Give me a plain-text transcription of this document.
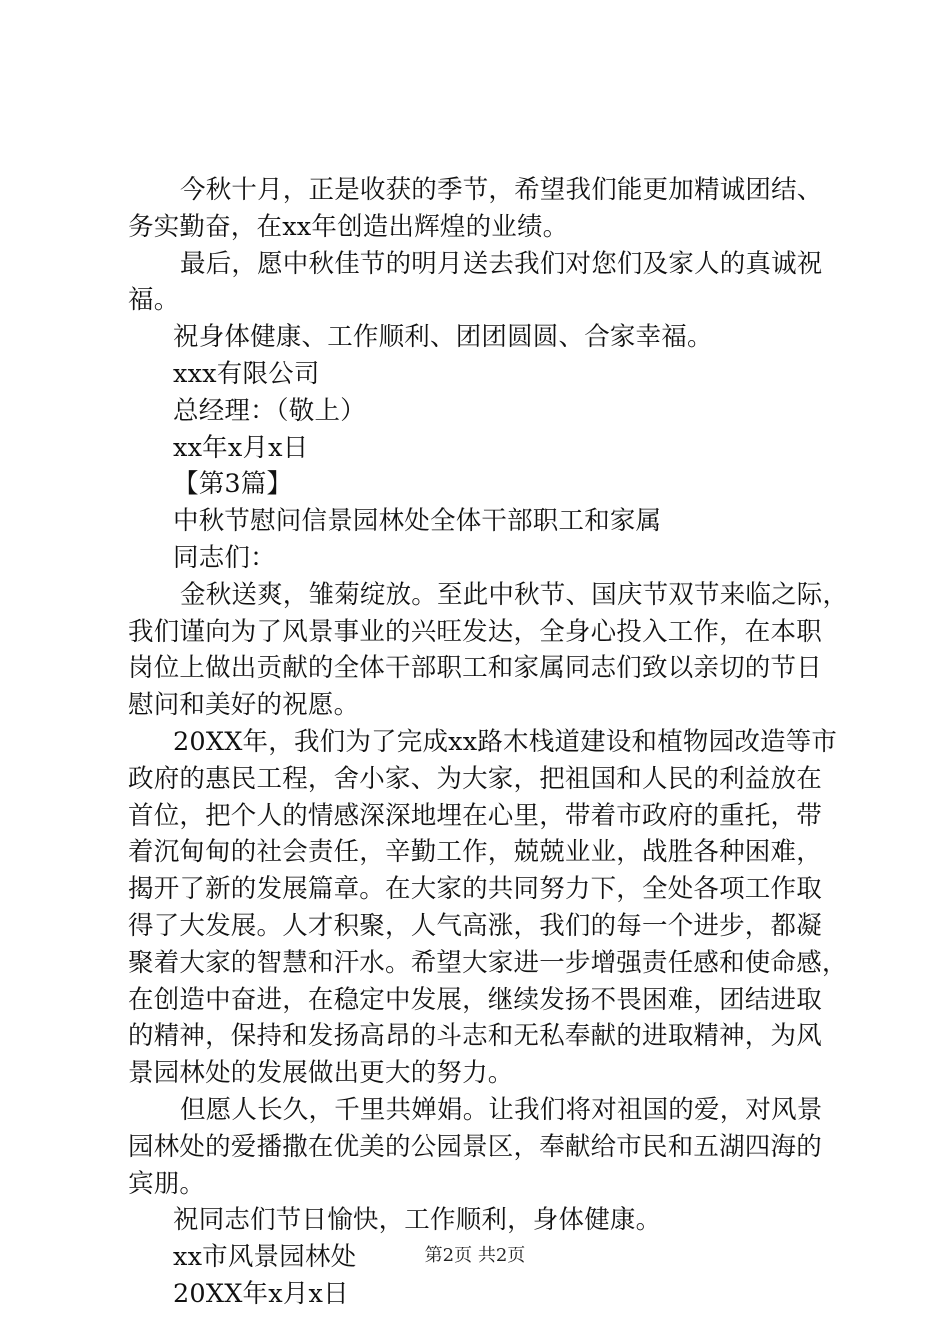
今秋十月，正是收获的季节，希望我们能更加精诚团结、
务实勤奋，在xx年创造出辉煌的业绩。
最后，愿中秋佳节的明月送去我们对您们及家人的真诚祝
福。
祝身体健康、工作顺利、团团圆圆、合家幸福。
xxx有限公司
总经理：（敬上）
xx年x月x日
【第3篇】
中秋节慰问信景园林处全体干部职工和家属
同志们：
金秋送爽，雏菊绽放。至此中秋节、国庆节双节来临之际，
我们谨向为了风景事业的兴旺发达，全身心投入工作，在本职
岗位上做出贡献的全体干部职工和家属同志们致以亲切的节日
慰问和美好的祝愿。
20XX年，我们为了完成xx路木栈道建设和植物园改造等市
政府的惠民工程，舍小家、为大家，把祖国和人民的利益放在
首位，把个人的情感深深地埋在心里，带着市政府的重托，带
着沉甸甸的社会责任，辛勤工作，兢兢业业，战胜各种困难，
揭开了新的发展篇章。在大家的共同努力下，全处各项工作取
得了大发展。人才积聚，人气高涨，我们的每一个进步，都凝
聚着大家的智慧和汗水。希望大家进一步增强责任感和使命感，
在创造中奋进，在稳定中发展，继续发扬不畏困难，团结进取
的精神，保持和发扬高昂的斗志和无私奉献的进取精神，为风
景园林处的发展做出更大的努力。
但愿人长久，千里共婵娟。让我们将对祖国的爱，对风景
园林处的爱播撒在优美的公园景区，奉献给市民和五湖四海的
宾朋。
祝同志们节日愉快，工作顺利，身体健康。
xx市风景园林处
20XX年x月x日
第2页 共2页
